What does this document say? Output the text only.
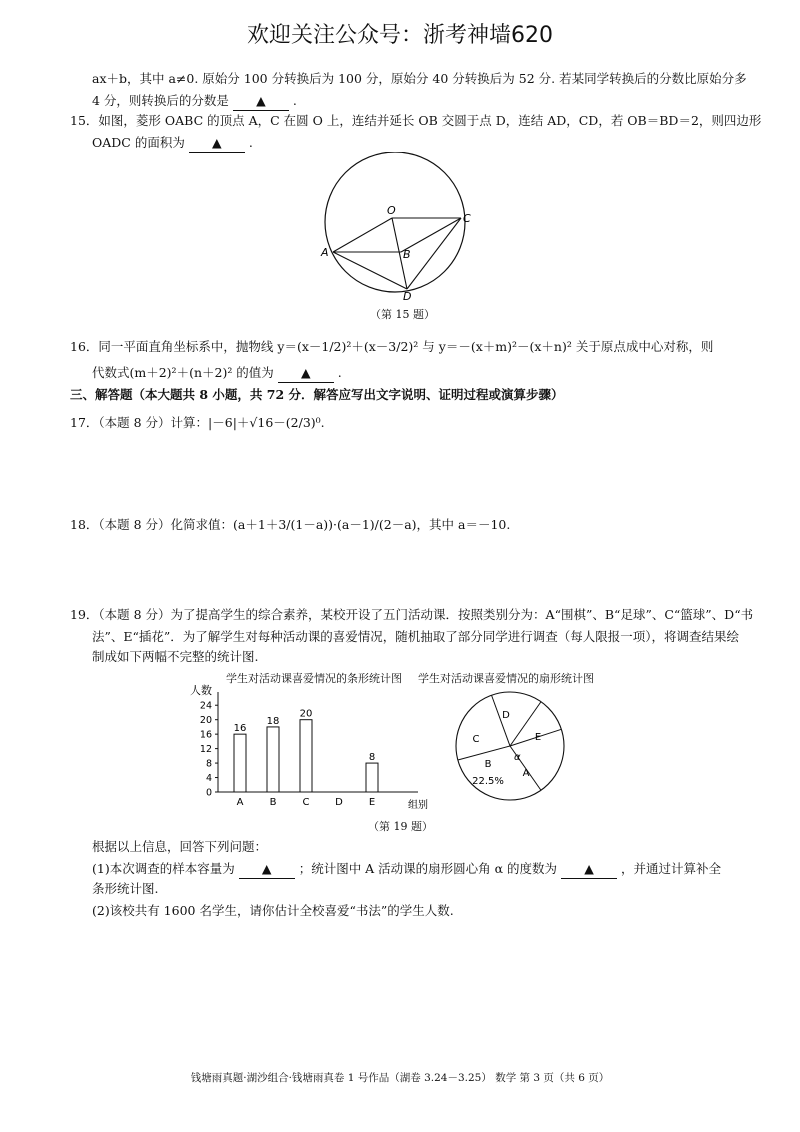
欢迎关注公众号：浙考神墙620
ax＋b，其中 a≠0. 原始分 100 分转换后为 100 分，原始分 40 分转换后为 52 分. 若某同学转换后的分数比原始分多
4 分，则转换后的分数是 ▲ .
15．如图，菱形 OABC 的顶点 A，C 在圆 O 上，连结并延长 OB 交圆于点 D，连结 AD，CD，若 OB＝BD＝2，则四边形
OADC 的面积为 ▲ .
O
C
A	B
D
（第 15 题）
16．同一平面直角坐标系中，抛物线 y＝(x－1/2)²＋(x－3/2)² 与 y＝－(x＋m)²－(x＋n)² 关于原点成中心对称，则
代数式(m＋2)²＋(n＋2)² 的值为 ▲ .
三、解答题（本大题共 8 小题，共 72 分．解答应写出文字说明、证明过程或演算步骤）
17．（本题 8 分）计算：|－6|＋√16－(2/3)⁰.
18．（本题 8 分）化简求值：(a＋1＋3/(1－a))·(a－1)/(2－a)，其中 a＝－10.
19．（本题 8 分）为了提高学生的综合素养，某校开设了五门活动课．按照类别分为：A“围棋”、B“足球”、C“篮球”、D“书
法”、E“插花”．为了解学生对每种活动课的喜爱情况，随机抽取了部分同学进行调查（每人限报一项），将调查结果绘
制成如下两幅不完整的统计图.
学生对活动课喜爱情况的条形统计图 学生对活动课喜爱情况的扇形统计图
人数
组别
0
4
8
12
16
20
24
A
16
B
18
C
20
D	E
8
A
B
C
D
E
22.5%
α
（第 19 题）
根据以上信息，回答下列问题：
(1)本次调查的样本容量为 ▲ ；统计图中 A 活动课的扇形圆心角 α 的度数为 ▲ ，并通过计算补全
条形统计图.
(2)该校共有 1600 名学生，请你估计全校喜爱“书法”的学生人数.
钱塘雨真题·湖沙组合·钱塘雨真卷 1 号作品（湖卷 3.24－3.25） 数学 第 3 页（共 6 页）
